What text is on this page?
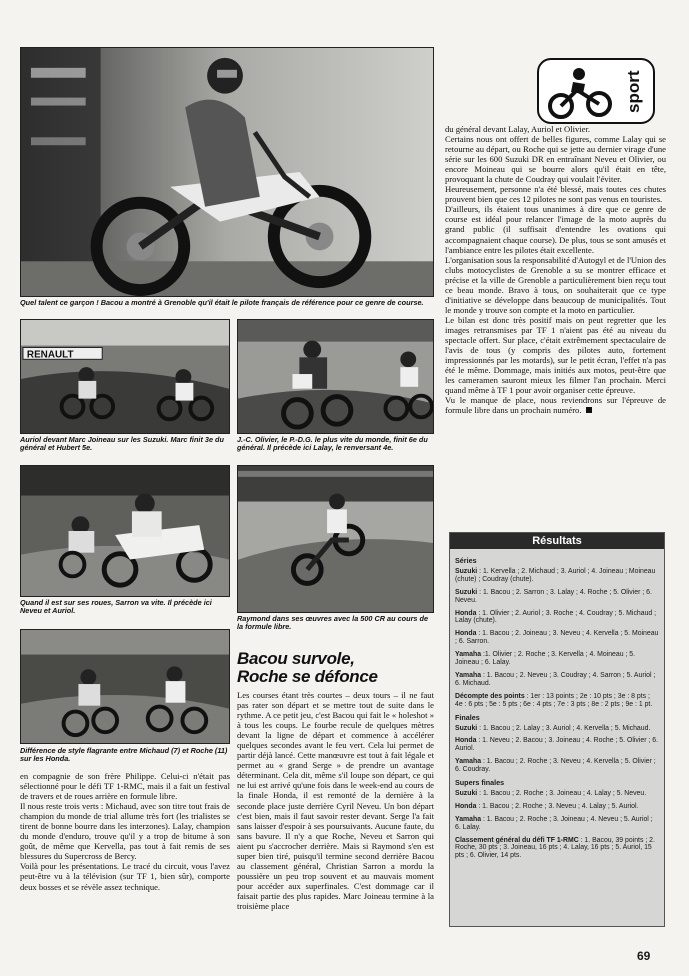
Quel talent ce garçon ! Bacou a montré à Grenoble qu'il était le pilote français de référence pour ce genre de course.
RENAULT
Auriol devant Marc Joineau sur les Suzuki. Marc finit 3e du général et Hubert 5e.
J.-C. Olivier, le P.-D.G. le plus vite du monde, finit 6e du général. Il précède ici Lalay, le renversant 4e.
Quand il est sur ses roues, Sarron va vite. Il précède ici Neveu et Auriol.
Raymond dans ses œuvres avec la 500 CR au cours de la formule libre.
Différence de style flagrante entre Michaud (7) et Roche (11) sur les Honda.
sport
Bacou survole,
Roche se défonce
en compagnie de son frère Philippe. Celui-ci n'était pas sélectionné pour le défi TF 1-RMC, mais il a fait un festival de travers et de roues arrière en formule libre.
Il nous reste trois verts : Michaud, avec son titre tout frais de champion du monde de trial allume très fort (les trialistes se tirent de bonne bourre dans les interzones). Lalay, champion du monde d'enduro, trouve qu'il y a trop de bitume à son goût, de même que Kervella, pas tout à fait remis de ses blessures du Supercross de Bercy.
Voilà pour les présentations. Le tracé du circuit, vous l'avez peut-être vu à la télévision (sur TF 1, bien sûr), comporte deux bosses et se révèle assez technique.
Les courses étant très courtes – deux tours – il ne faut pas rater son départ et se mettre tout de suite dans le rythme. A ce petit jeu, c'est Bacou qui fait le « holeshot » à tous les coups. Le fourbe recule de quelques mètres devant la ligne de départ et commence à accélérer quelques secondes avant le feu vert. Cela lui permet de partir déjà lancé. Cette manœuvre est tout à fait légale et permet au « grand Serge » de prendre un avantage déterminant. Cela dit, même s'il loupe son départ, ce qui ne lui est arrivé qu'une fois dans le week-end au cours de la finale Honda, il est remonté de la dernière à la seconde place juste derrière Cyril Neveu. Un bon départ c'est bien, mais il faut savoir rester devant. Serge l'a fait sans laisser d'espoir à ses poursuivants. Aucune faute, du sans bavure. Il n'y a que Roche, Neveu et Sarron qui aient pu s'accrocher derrière. Mais si Raymond s'en est super bien tiré, puisqu'il termine second derrière Bacou au classement général, Christian Sarron a mordu la poussière un peu trop souvent et au mauvais moment pour accéder aux superfinales. C'est dommage car il faisait partie des plus rapides. Marc Joineau termine à la troisième place
du général devant Lalay, Auriol et Olivier.
Certains nous ont offert de belles figures, comme Lalay qui se retourne au départ, ou Roche qui se jette au dernier virage d'une série sur les 600 Suzuki DR en entraînant Neveu et Olivier, ou encore Moineau qui se bourre alors qu'il était en tête, provoquant la chute de Coudray qui voulait l'éviter.
Heureusement, personne n'a été blessé, mais toutes ces chutes prouvent bien que ces 12 pilotes ne sont pas venus en touristes.
D'ailleurs, ils étaient tous unanimes à dire que ce genre de course est idéal pour relancer l'image de la moto auprès du grand public (il suffisait d'entendre les ovations qui accompagnaient chaque course). De plus, tous se sont amusés et l'ambiance entre les pilotes était excellente.
L'organisation sous la responsabilité d'Autogyl et de l'Union des clubs motocyclistes de Grenoble a su se montrer efficace et précise et la ville de Grenoble a particulièrement bien reçu tout ce beau monde. Bravo à tous, on souhaiterait que ce type d'initiative se développe dans beaucoup de municipalités. Tout le monde y trouve son compte et la moto en particulier.
Le bilan est donc très positif mais on peut regretter que les images retransmises par TF 1 n'aient pas été au niveau du spectacle offert. Sur place, c'était extrêmement spectaculaire de l'avis de tous (y compris des pilotes auto, fortement impressionnés par les motards), sur le petit écran, l'effet n'a pas été le même. Dommage, mais initiés aux motos, peut-être que les cameramen sauront mieux les filmer l'an prochain. Merci quand même à TF 1 pour avoir organiser cette épreuve.
Vu le manque de place, nous reviendrons sur l'épreuve de formule libre dans un prochain numéro.
Résultats
Séries
Suzuki : 1. Kervella ; 2. Michaud ; 3. Auriol ; 4. Joineau ; Moineau (chute) ; Coudray (chute).
Suzuki : 1. Bacou ; 2. Sarron ; 3. Lalay ; 4. Roche ; 5. Olivier ; 6. Neveu.
Honda : 1. Olivier ; 2. Auriol ; 3. Roche ; 4. Coudray ; 5. Michaud ; Lalay (chute).
Honda : 1. Bacou ; 2. Joineau ; 3. Neveu ; 4. Kervella ; 5. Moineau ; 6. Sarron.
Yamaha :1. Olivier ; 2. Roche ; 3. Kervella ; 4. Moineau ; 5. Joineau ; 6. Lalay.
Yamaha : 1. Bacou ; 2. Neveu ; 3. Coudray ; 4. Sarron ; 5. Auriol ; 6. Michaud.
Décompte des points : 1er : 13 points ; 2e : 10 pts ; 3e : 8 pts ; 4e : 6 pts ; 5e : 5 pts ; 6e : 4 pts ; 7e : 3 pts ; 8e : 2 pts ; 9e : 1 pt.
Finales
Suzuki : 1. Bacou ; 2. Lalay ; 3. Auriol ; 4. Kervella ; 5. Michaud.
Honda : 1. Neveu ; 2. Bacou ; 3. Joineau ; 4. Roche ; 5. Olivier ; 6. Auriol.
Yamaha : 1. Bacou ; 2. Roche ; 3. Neveu ; 4. Kervella ; 5. Olivier ; 6. Coudray.
Supers finales
Suzuki : 1. Bacou ; 2. Roche ; 3. Joineau ; 4. Lalay ; 5. Neveu.
Honda : 1. Bacou ; 2. Roche ; 3. Neveu ; 4. Lalay ; 5. Auriol.
Yamaha : 1. Bacou ; 2. Roche ; 3. Joineau ; 4. Neveu ; 5. Auriol ; 6. Lalay.
Classement général du défi TF 1-RMC : 1. Bacou, 39 points ; 2. Roche, 30 pts ; 3. Joineau, 16 pts ; 4. Lalay, 16 pts ; 5. Auriol, 15 pts ; 6. Olivier, 14 pts.
69
